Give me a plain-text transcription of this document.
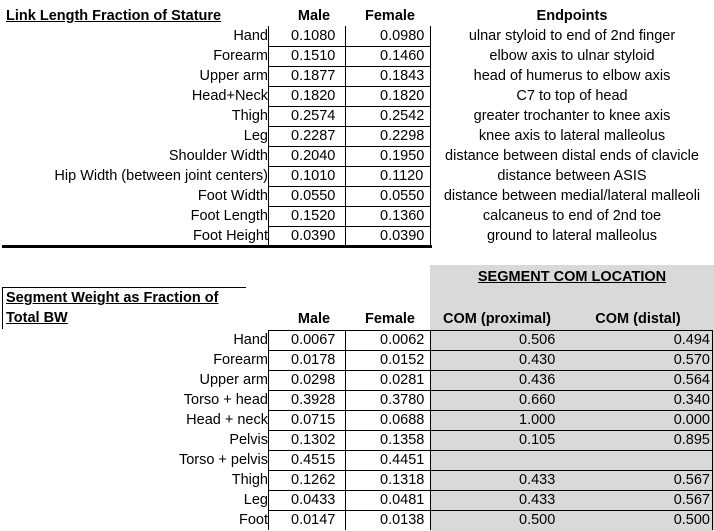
Link Length Fraction of Stature	Male	Female	Endpoints
Hand 0.1080	0.0980	ulnar styloid to end of 2nd finger
Forearm 0.1510	0.1460	elbow axis to ulnar styloid
Upper arm 0.1877	0.1843	head of humerus to elbow axis
Head+Neck 0.1820	0.1820	C7 to top of head
Thigh 0.2574	0.2542	greater trochanter to knee axis
Leg 0.2287	0.2298	knee axis to lateral malleolus
Shoulder Width 0.2040	0.1950	distance between distal ends of clavicle
Hip Width (between joint centers) 0.1010	0.1120	distance between ASIS
Foot Width 0.0550	0.0550	distance between medial/lateral malleoli
Foot Length 0.1520	0.1360	calcaneus to end of 2nd toe
Foot Height 0.0390	0.0390	ground to lateral malleolus
SEGMENT COM LOCATION
Segment Weight as Fraction of
Total BW	Male	Female	COM (proximal)	COM (distal)
Hand 0.0067	0.0062	0.506	0.494
Forearm 0.0178	0.0152	0.430	0.570
Upper arm 0.0298	0.0281	0.436	0.564
Torso + head 0.3928	0.3780	0.660	0.340
Head + neck 0.0715	0.0688	1.000	0.000
Pelvis 0.1302	0.1358	0.105	0.895
Torso + pelvis 0.4515	0.4451
Thigh 0.1262	0.1318	0.433	0.567
Leg 0.0433	0.0481	0.433	0.567
Foot 0.0147	0.0138	0.500	0.500
